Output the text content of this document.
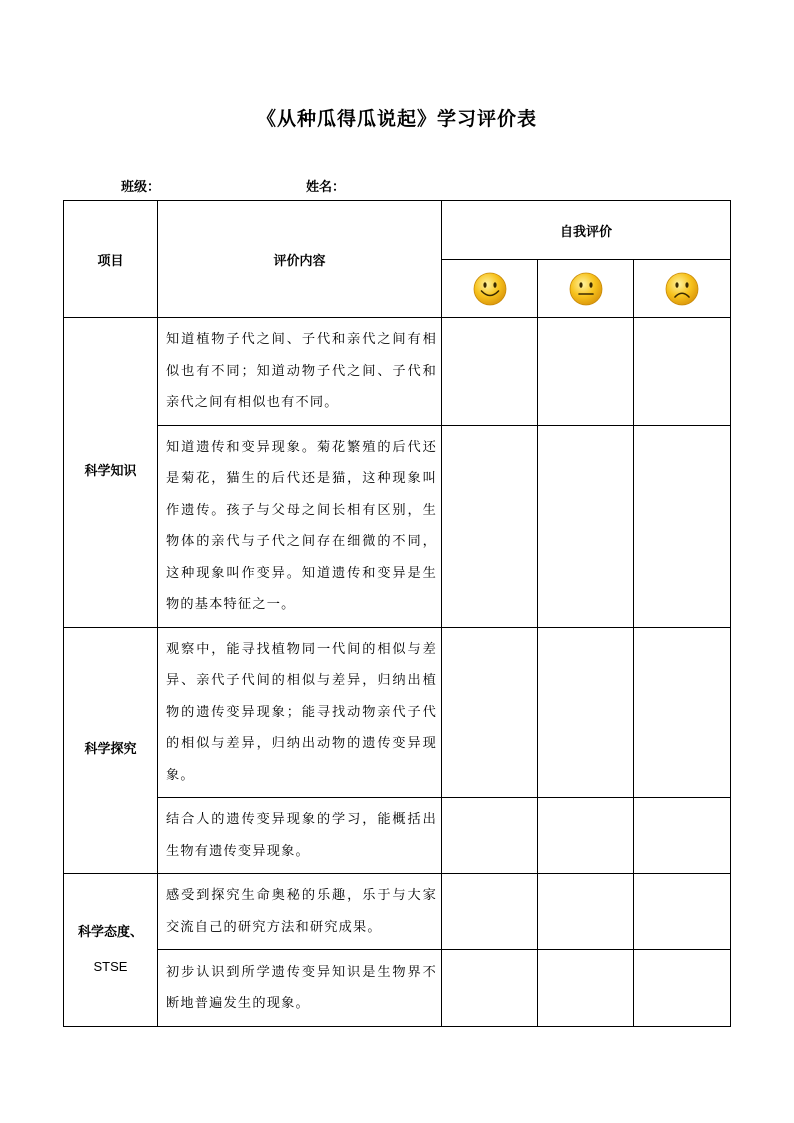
《从种瓜得瓜说起》学习评价表
班级：	姓名：
项目	评价内容	自我评价		

科学知识	知道植物子代之间、子代和亲代之间有相似也有不同；知道动物子代之间、子代和亲代之间有相似也有不同。			
	知道遗传和变异现象。菊花繁殖的后代还是菊花，猫生的后代还是猫，这种现象叫作遗传。孩子与父母之间长相有区别，生物体的亲代与子代之间存在细微的不同，这种现象叫作变异。知道遗传和变异是生物的基本特征之一。			
科学探究	观察中，能寻找植物同一代间的相似与差异、亲代子代间的相似与差异，归纳出植物的遗传变异现象；能寻找动物亲代子代的相似与差异，归纳出动物的遗传变异现象。			
	结合人的遗传变异现象的学习，能概括出生物有遗传变异现象。			

科学态度、
STSE	感受到探究生命奥秘的乐趣，乐于与大家交流自己的研究方法和研究成果。			
	初步认识到所学遗传变异知识是生物界不断地普遍发生的现象。			
